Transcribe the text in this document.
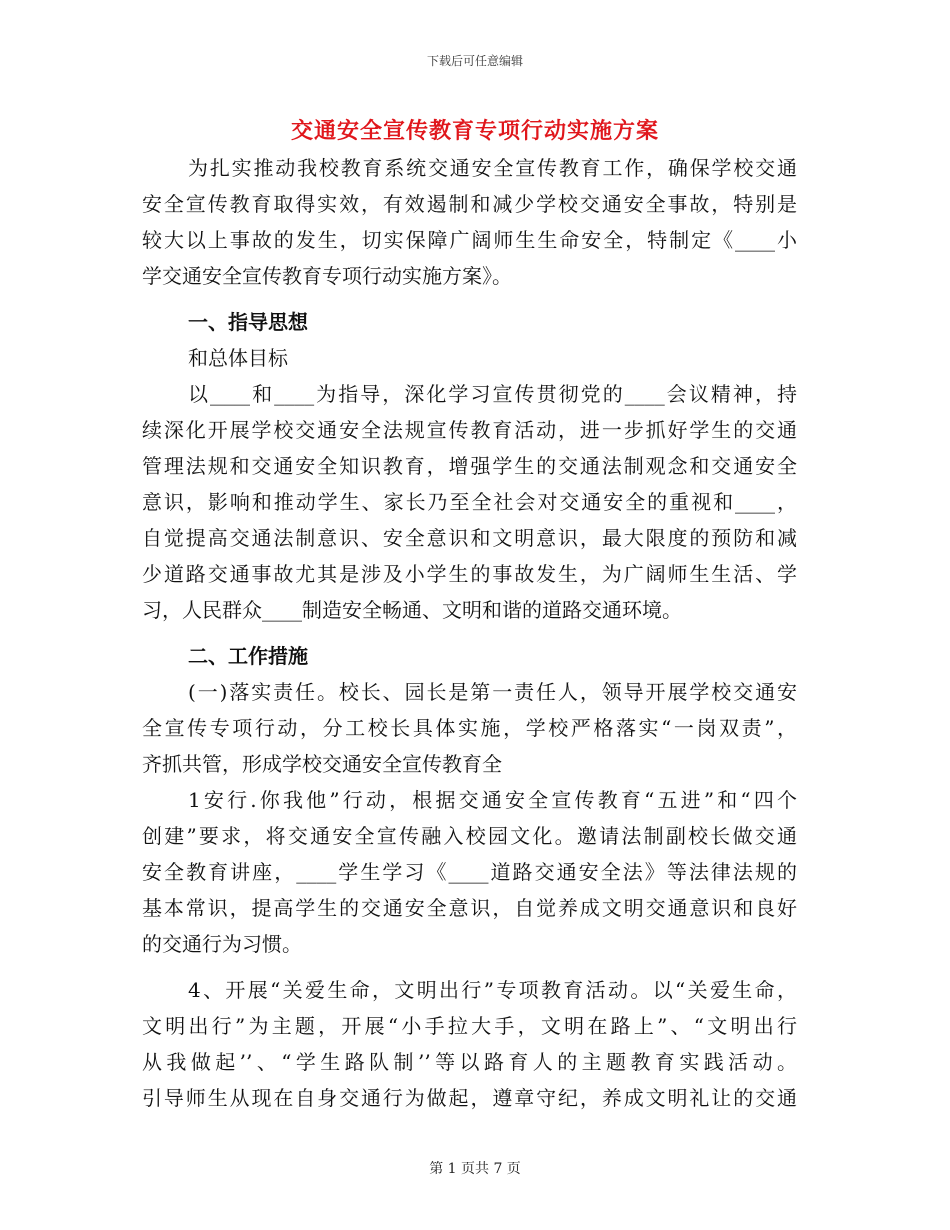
下载后可任意编辑
交通安全宣传教育专项行动实施方案
为扎实推动我校教育系统交通安全宣传教育工作，确保学校交通
安全宣传教育取得实效，有效遏制和减少学校交通安全事故，特别是
较大以上事故的发生，切实保障广阔师生生命安全，特制定《____小
学交通安全宣传教育专项行动实施方案》。
一、指导思想
和总体目标
以____和____为指导，深化学习宣传贯彻党的____会议精神，持
续深化开展学校交通安全法规宣传教育活动，进一步抓好学生的交通
管理法规和交通安全知识教育，增强学生的交通法制观念和交通安全
意识，影响和推动学生、家长乃至全社会对交通安全的重视和____，
自觉提高交通法制意识、安全意识和文明意识，最大限度的预防和减
少道路交通事故尤其是涉及小学生的事故发生，为广阔师生生活、学
习，人民群众____制造安全畅通、文明和谐的道路交通环境。
二、工作措施
(一)落实责任。校长、园长是第一责任人，领导开展学校交通安
全宣传专项行动，分工校长具体实施，学校严格落实“一岗双责”，
齐抓共管，形成学校交通安全宣传教育全
1安行.你我他”行动，根据交通安全宣传教育“五进”和“四个
创建”要求，将交通安全宣传融入校园文化。邀请法制副校长做交通
安全教育讲座，____学生学习《____道路交通安全法》等法律法规的
基本常识，提高学生的交通安全意识，自觉养成文明交通意识和良好
的交通行为习惯。
4、开展“关爱生命，文明出行”专项教育活动。以“关爱生命，
文明出行”为主题，开展“小手拉大手，文明在路上”、“文明出行
从我做起’’、“学生路队制’’等以路育人的主题教育实践活动。
引导师生从现在自身交通行为做起，遵章守纪，养成文明礼让的交通
第 1 页共 7 页
